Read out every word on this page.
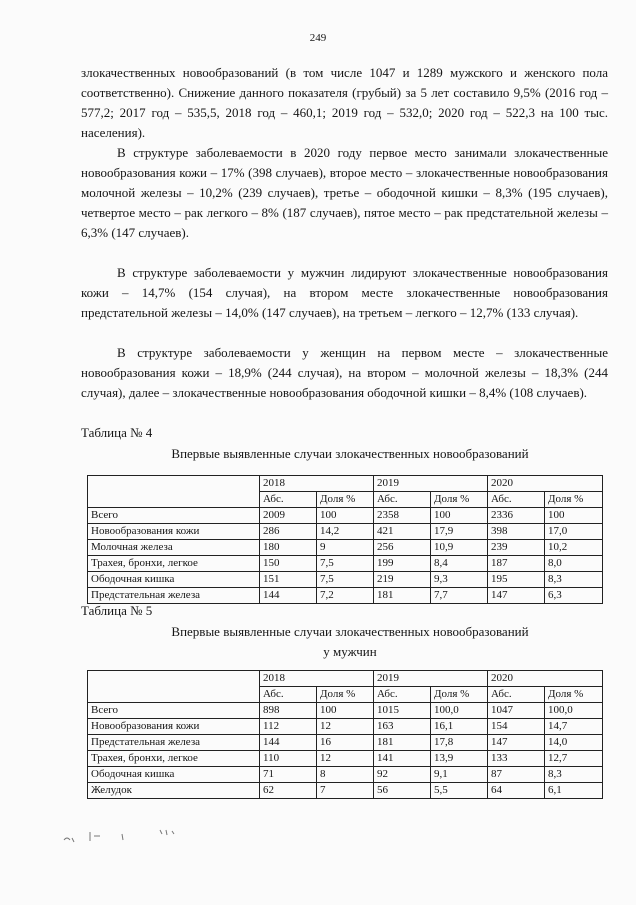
249

злокачественных новообразований (в том числе 1047 и 1289 мужского и женского пола соответственно). Снижение данного показателя (грубый) за 5 лет составило 9,5% (2016 год – 577,2; 2017 год – 535,5, 2018 год – 460,1; 2019 год – 532,0; 2020 год – 522,3 на 100 тыс. населения).

В структуре заболеваемости в 2020 году первое место занимали злокачественные новообразования кожи – 17% (398 случаев), второе место – злокачественные новообразования молочной железы – 10,2% (239 случаев), третье – ободочной кишки – 8,3% (195 случаев), четвертое место – рак легкого – 8% (187 случаев), пятое место – рак предстательной железы – 6,3% (147 случаев).

В структуре заболеваемости у мужчин лидируют злокачественные новообразования кожи – 14,7% (154 случая), на втором месте злокачественные новообразования предстательной железы – 14,0% (147 случаев), на третьем – легкого – 12,7% (133 случая).

В структуре заболеваемости у женщин на первом месте – злокачественные новообразования кожи – 18,9% (244 случая), на втором – молочной железы – 18,3% (244 случая), далее – злокачественные новообразования ободочной кишки – 8,4% (108 случаев).

Таблица № 4
Впервые выявленные случаи злокачественных новообразований
	2018		2019		2020	
	Абс.	Доля %	Абс.	Доля %	Абс.	Доля %
Всего	2009	100	2358	100	2336	100
Новообразования кожи	286	14,2	421	17,9	398	17,0
Молочная железа	180	9	256	10,9	239	10,2
Трахея, бронхи, легкое	150	7,5	199	8,4	187	8,0
Ободочная кишка	151	7,5	219	9,3	195	8,3
Предстательная железа	144	7,2	181	7,7	147	6,3
Таблица № 5
Впервые выявленные случаи злокачественных новообразований
у мужчин
	2018		2019		2020	
	Абс.	Доля %	Абс.	Доля %	Абс.	Доля %
Всего	898	100	1015	100,0	1047	100,0
Новообразования кожи	112	12	163	16,1	154	14,7
Предстательная железа	144	16	181	17,8	147	14,0
Трахея, бронхи, легкое	110	12	141	13,9	133	12,7
Ободочная кишка	71	8	92	9,1	87	8,3
Желудок	62	7	56	5,5	64	6,1
